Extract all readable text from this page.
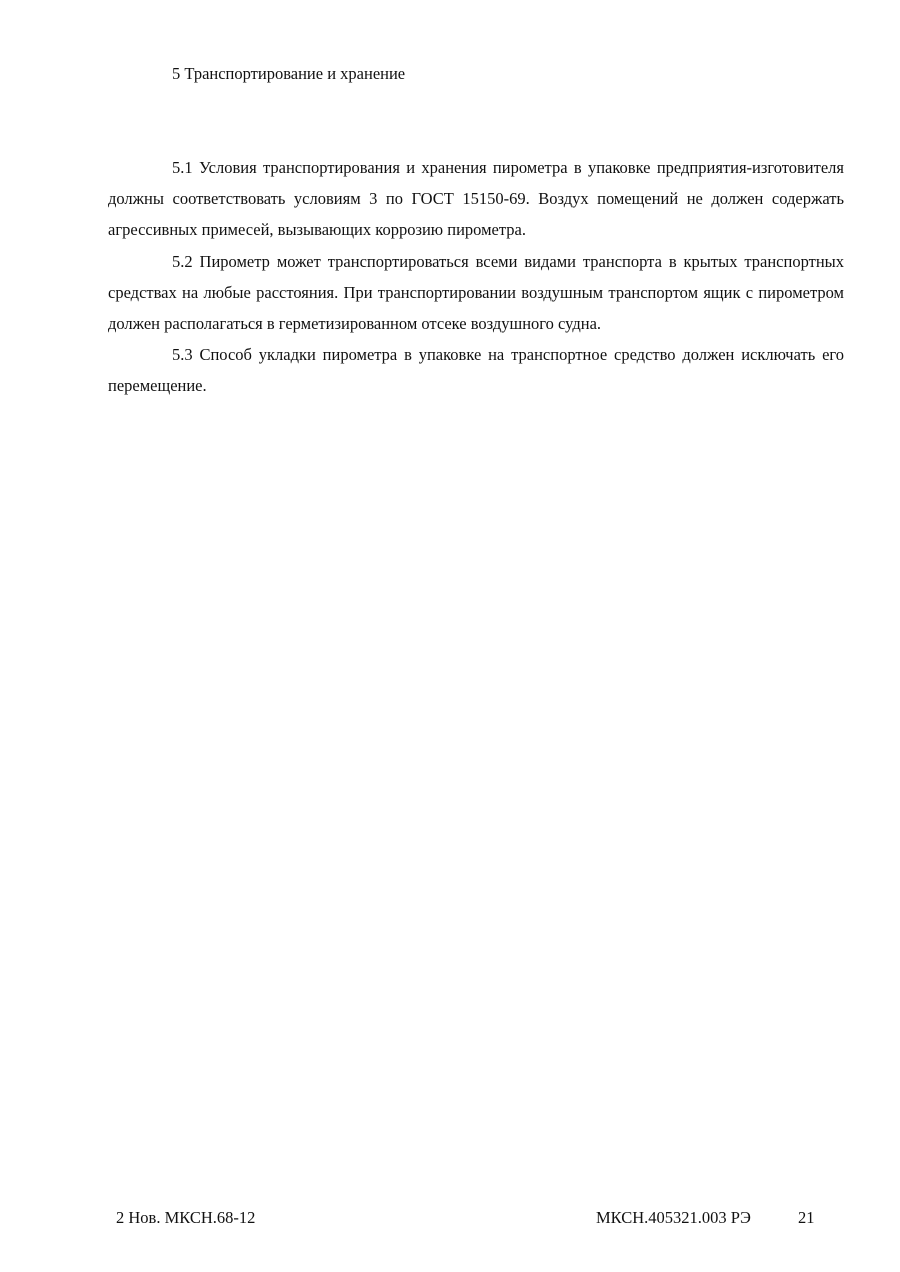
5 Транспортирование и хранение

5.1 Условия транспортирования и хранения пирометра в упаковке предприятия-изготовителя должны соответствовать условиям 3 по ГОСТ 15150-69. Воздух помещений не должен содержать агрессивных примесей, вызывающих коррозию пирометра.

5.2 Пирометр может транспортироваться всеми видами транспорта в крытых транспортных средствах на любые расстояния. При транспортировании воздушным транспортом ящик с пирометром должен располагаться в герметизированном отсеке воздушного судна.

5.3 Способ укладки пирометра в упаковке на транспортное средство должен исключать его перемещение.

2 Нов. МКСН.68-12	МКСН.405321.003 РЭ	21
